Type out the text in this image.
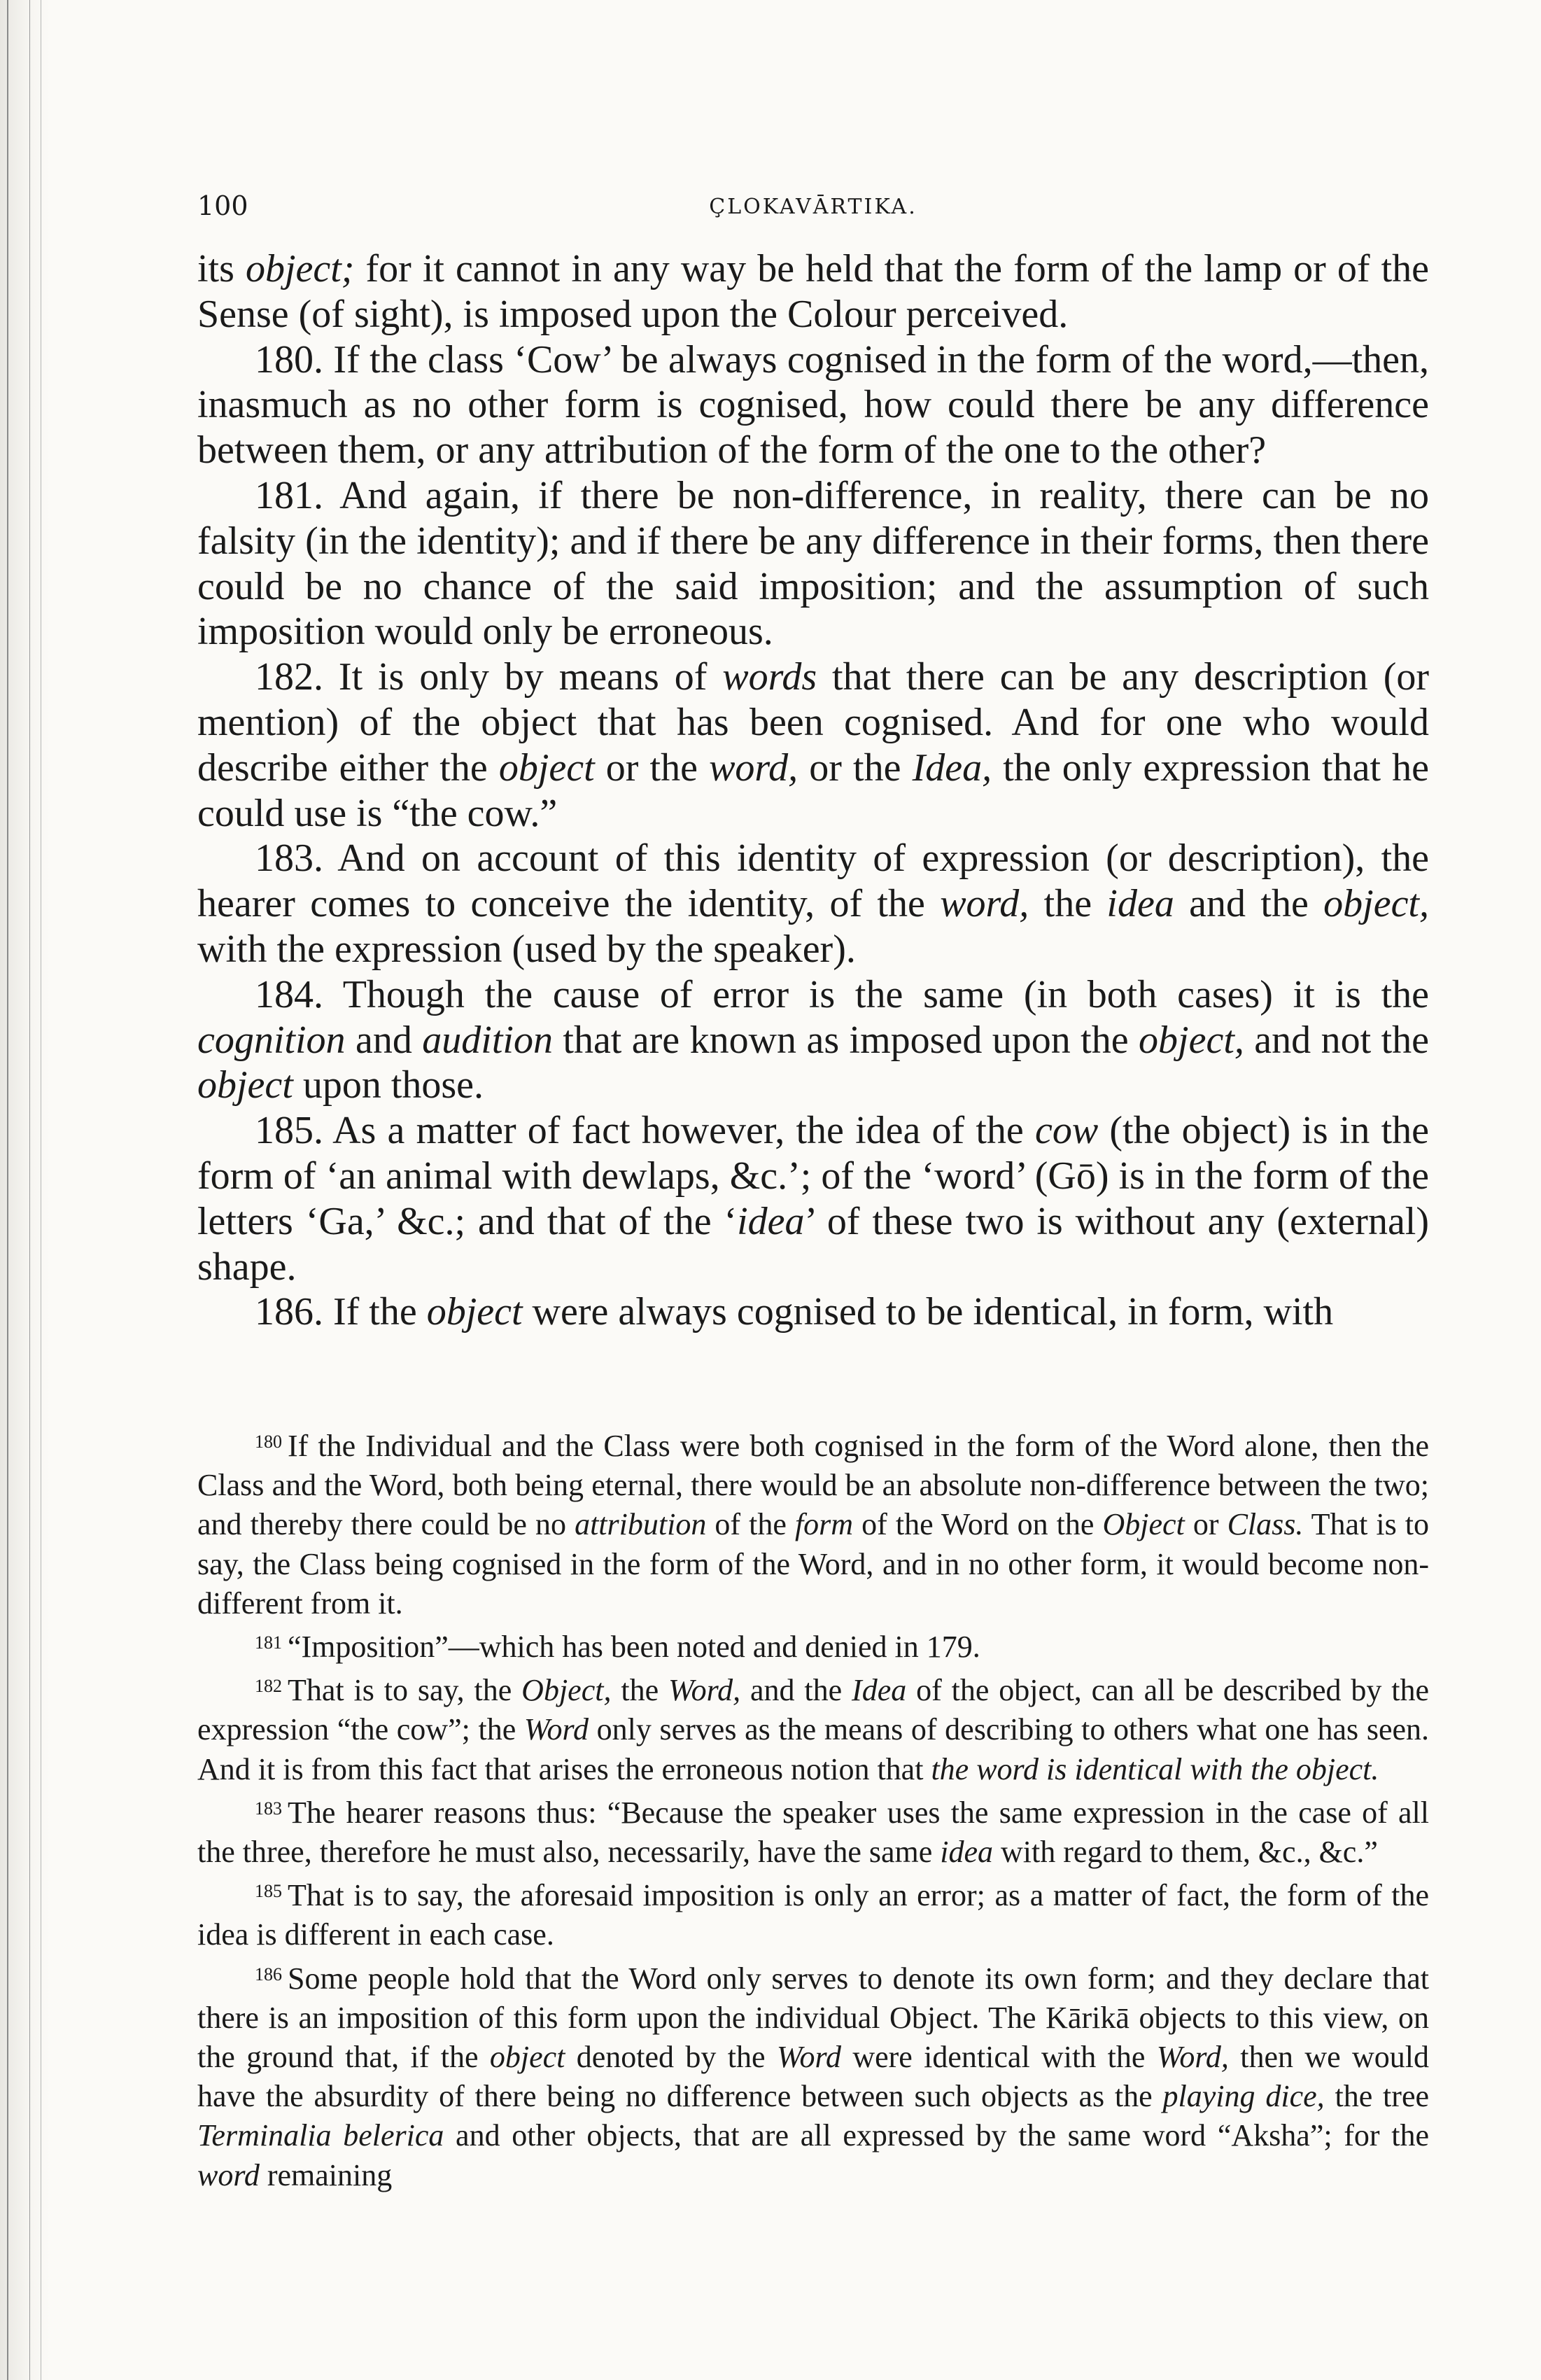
100	ÇLOKAVĀRTIKA.

its object; for it cannot in any way be held that the form of the lamp or of the Sense (of sight), is imposed upon the Colour perceived.

180. If the class ‘Cow’ be always cognised in the form of the word,—then, inasmuch as no other form is cognised, how could there be any difference between them, or any attribution of the form of the one to the other?

181. And again, if there be non-difference, in reality, there can be no falsity (in the identity); and if there be any difference in their forms, then there could be no chance of the said imposition; and the assumption of such imposition would only be erroneous.

182. It is only by means of words that there can be any description (or mention) of the object that has been cognised. And for one who would describe either the object or the word, or the Idea, the only expression that he could use is “the cow.”

183. And on account of this identity of expression (or description), the hearer comes to conceive the identity, of the word, the idea and the object, with the expression (used by the speaker).

184. Though the cause of error is the same (in both cases) it is the cognition and audition that are known as imposed upon the object, and not the object upon those.

185. As a matter of fact however, the idea of the cow (the object) is in the form of ‘an animal with dewlaps, &c.’; of the ‘word’ (Gō) is in the form of the letters ‘Ga,’ &c.; and that of the ‘idea’ of these two is without any (external) shape.

186. If the object were always cognised to be identical, in form, with

$^{180}$ If the Individual and the Class were both cognised in the form of the Word alone, then the Class and the Word, both being eternal, there would be an absolute non-difference between the two; and thereby there could be no attribution of the form of the Word on the Object or Class. That is to say, the Class being cognised in the form of the Word, and in no other form, it would become non-different from it.

$^{181}$ “Imposition”—which has been noted and denied in 179.

$^{182}$ That is to say, the Object, the Word, and the Idea of the object, can all be described by the expression “the cow”; the Word only serves as the means of describing to others what one has seen. And it is from this fact that arises the erroneous notion that the word is identical with the object.

$^{183}$ The hearer reasons thus: “Because the speaker uses the same expression in the case of all the three, therefore he must also, necessarily, have the same idea with regard to them, &c., &c.”

$^{185}$ That is to say, the aforesaid imposition is only an error; as a matter of fact, the form of the idea is different in each case.

$^{186}$ Some people hold that the Word only serves to denote its own form; and they declare that there is an imposition of this form upon the individual Object. The Kārikā objects to this view, on the ground that, if the object denoted by the Word were identical with the Word, then we would have the absurdity of there being no difference between such objects as the playing dice, the tree Terminalia belerica and other objects, that are all expressed by the same word “Aksha”; for the word remaining
